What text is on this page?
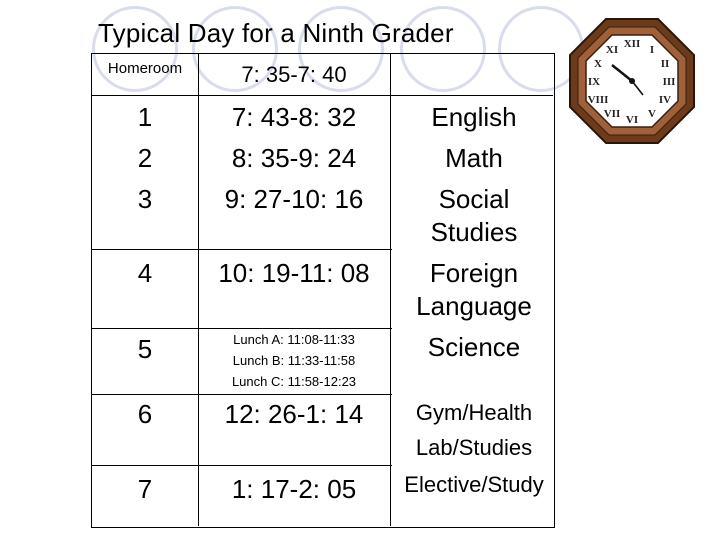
Typical Day for a Ninth Grader	XII I
II
III
IV
V
VI
VII
VIII
IX
X
XI
Homeroom	7: 35-7: 40
1
2
3
4
5
6
7
7: 43-8: 32
8: 35-9: 24
9: 27-10: 16
10: 19-11: 08
Lunch A: 11:08-11:33
Lunch B: 11:33-11:58
Lunch C: 11:58-12:23
12: 26-1: 14
1: 17-2: 05
English
Math
Social
Studies
Foreign
Language
Science
Gym/Health
Lab/Studies
Elective/Study
